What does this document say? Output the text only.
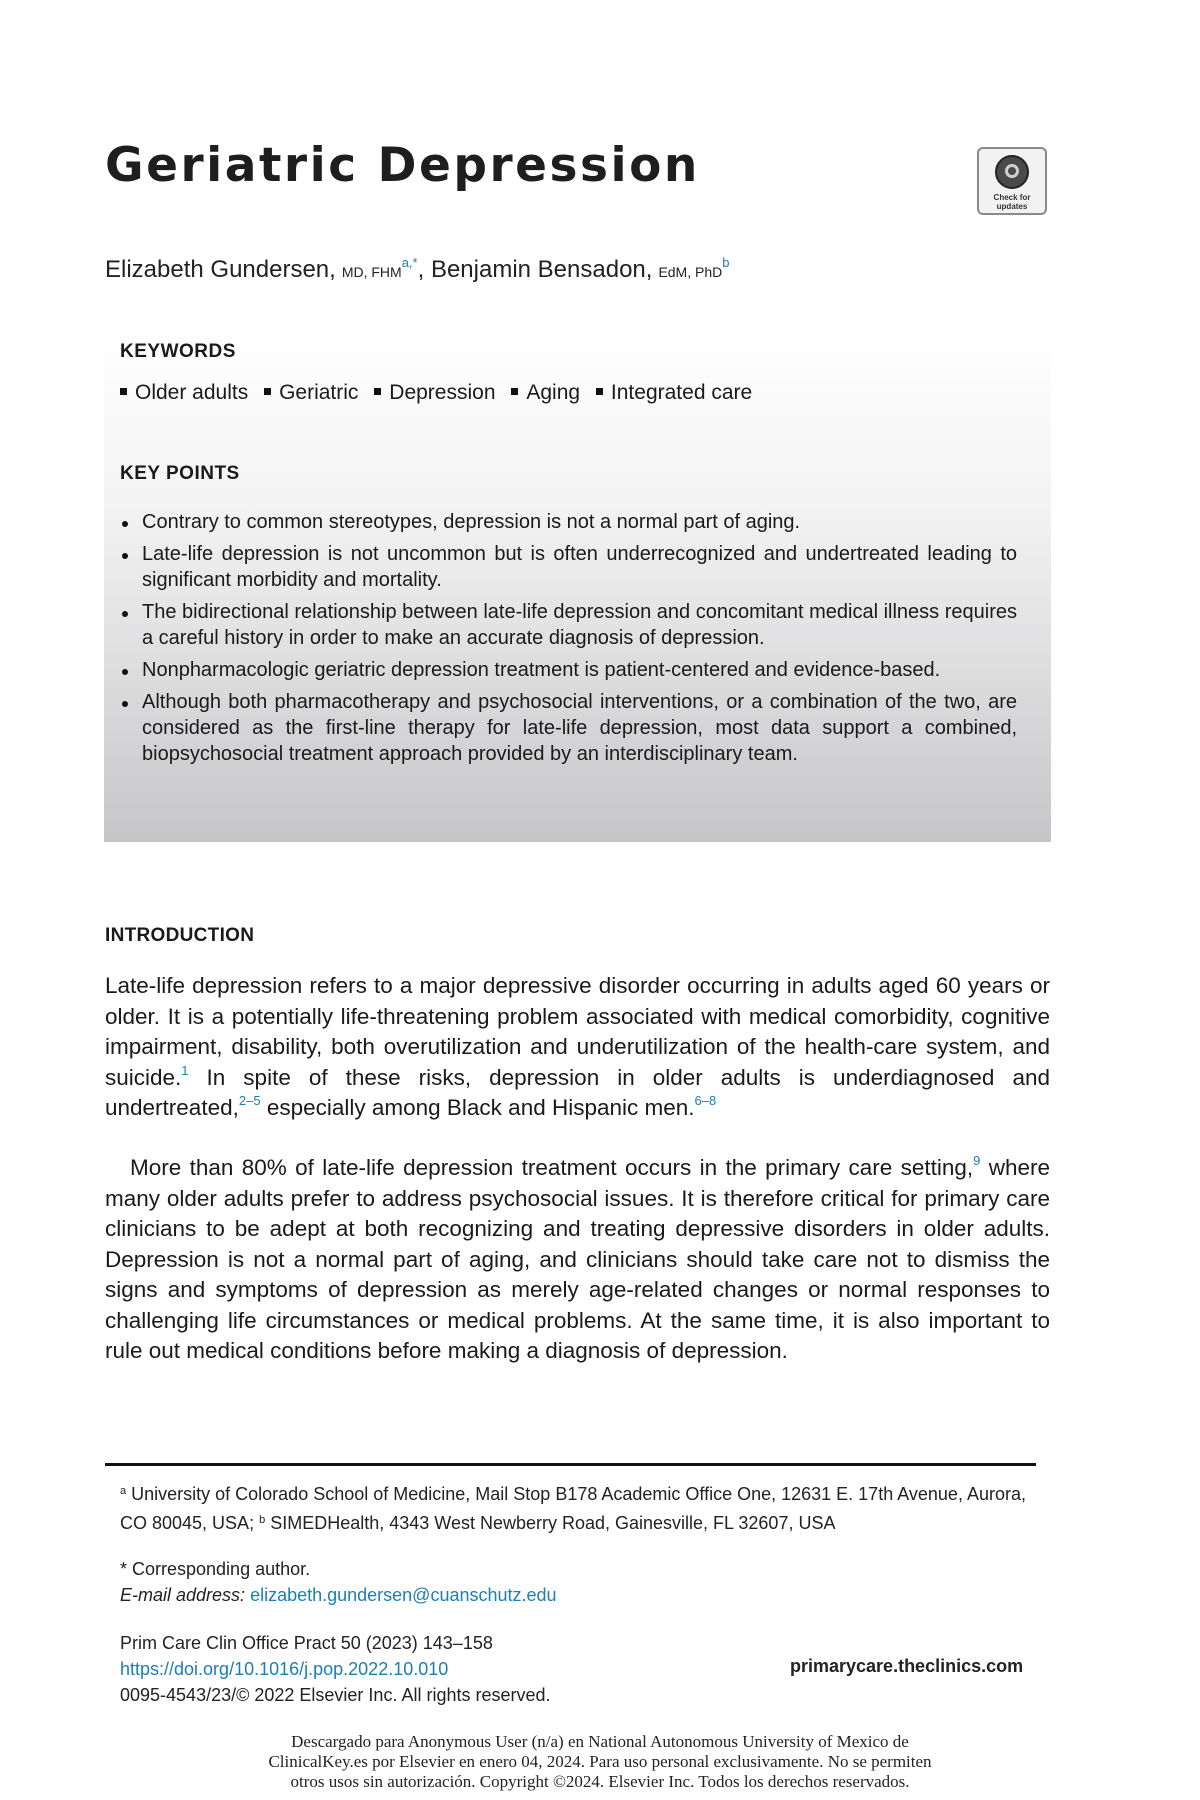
Geriatric Depression
Check for updates
Elizabeth Gundersen, MD, $FHM^{a,*}$, Benjamin Bensadon, EdM, PhD$^b$
KEYWORDS
Older adults Geriatric Depression Aging Integrated care
KEY POINTS
Contrary to common stereotypes, depression is not a normal part of aging.
Late-life depression is not uncommon but is often underrecognized and undertreated leading to significant morbidity and mortality.
The bidirectional relationship between late-life depression and concomitant medical illness requires a careful history in order to make an accurate diagnosis of depression.
Nonpharmacologic geriatric depression treatment is patient-centered and evidence-based.
Although both pharmacotherapy and psychosocial interventions, or a combination of the two, are considered as the first-line therapy for late-life depression, most data support a combined, biopsychosocial treatment approach provided by an interdisciplinary team.
INTRODUCTION

Late-life depression refers to a major depressive disorder occurring in adults aged 60 years or older. It is a potentially life-threatening problem associated with medical comorbidity, cognitive impairment, disability, both overutilization and underutilization of the health-care system, and suicide.$^1$ In spite of these risks, depression in older adults is underdiagnosed and undertreated,$^{2-5}$ especially among Black and Hispanic men.$^{6-8}$

More than 80% of late-life depression treatment occurs in the primary care setting,$^9$ where many older adults prefer to address psychosocial issues. It is therefore critical for primary care clinicians to be adept at both recognizing and treating depressive disorders in older adults. Depression is not a normal part of aging, and clinicians should take care not to dismiss the signs and symptoms of depression as merely age-related changes or normal responses to challenging life circumstances or medical problems. At the same time, it is also important to rule out medical conditions before making a diagnosis of depression.

$^a$ University of Colorado School of Medicine, Mail Stop B178 Academic Office One, 12631 E. 17th Avenue, Aurora, CO 80045, USA; $^b$ SIMEDHealth, 4343 West Newberry Road, Gainesville, FL 32607, USA
* Corresponding author.
E-mail address: elizabeth.gundersen@cuanschutz.edu
Prim Care Clin Office Pract 50 (2023) 143–158
https://doi.org/10.1016/j.pop.2022.10.010
0095-4543/23/© 2022 Elsevier Inc. All rights reserved.
primarycare.theclinics.com
Descargado para Anonymous User (n/a) en National Autonomous University of Mexico de
ClinicalKey.es por Elsevier en enero 04, 2024. Para uso personal exclusivamente. No se permiten
otros usos sin autorización. Copyright ©2024. Elsevier Inc. Todos los derechos reservados.
